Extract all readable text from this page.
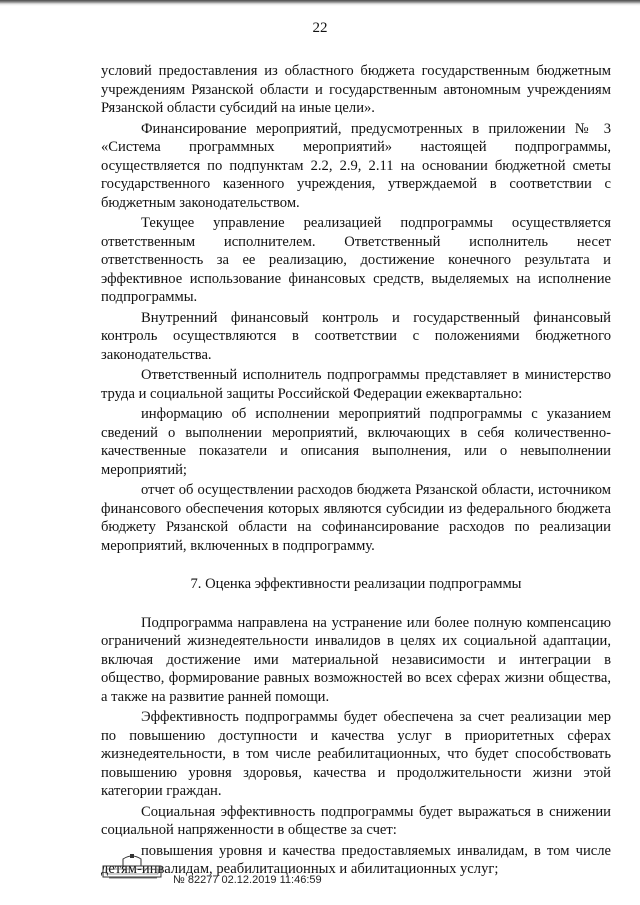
22

условий предоставления из областного бюджета государственным бюджетным учреждениям Рязанской области и государственным автономным учреждениям Рязанской области субсидий на иные цели».

Финансирование мероприятий, предусмотренных в приложении № 3 «Система программных мероприятий» настоящей подпрограммы, осуществляется по подпунктам 2.2, 2.9, 2.11 на основании бюджетной сметы государственного казенного учреждения, утверждаемой в соответствии с бюджетным законодательством.

Текущее управление реализацией подпрограммы осуществляется ответственным исполнителем. Ответственный исполнитель несет ответственность за ее реализацию, достижение конечного результата и эффективное использование финансовых средств, выделяемых на исполнение подпрограммы.

Внутренний финансовый контроль и государственный финансовый контроль осуществляются в соответствии с положениями бюджетного законодательства.

Ответственный исполнитель подпрограммы представляет в министерство труда и социальной защиты Российской Федерации ежеквартально:

информацию об исполнении мероприятий подпрограммы с указанием сведений о выполнении мероприятий, включающих в себя количественно-качественные показатели и описания выполнения, или о невыполнении мероприятий;

отчет об осуществлении расходов бюджета Рязанской области, источником финансового обеспечения которых являются субсидии из федерального бюджета бюджету Рязанской области на софинансирование расходов по реализации мероприятий, включенных в подпрограмму.

7. Оценка эффективности реализации подпрограммы

Подпрограмма направлена на устранение или более полную компенсацию ограничений жизнедеятельности инвалидов в целях их социальной адаптации, включая достижение ими материальной независимости и интеграции в общество, формирование равных возможностей во всех сферах жизни общества, а также на развитие ранней помощи.

Эффективность подпрограммы будет обеспечена за счет реализации мер по повышению доступности и качества услуг в приоритетных сферах жизнедеятельности, в том числе реабилитационных, что будет способствовать повышению уровня здоровья, качества и продолжительности жизни этой категории граждан.

Социальная эффективность подпрограммы будет выражаться в снижении социальной напряженности в обществе за счет:

повышения уровня и качества предоставляемых инвалидам, в том числе детям-инвалидам, реабилитационных и абилитационных услуг;

№ 82277 02.12.2019 11:46:59
